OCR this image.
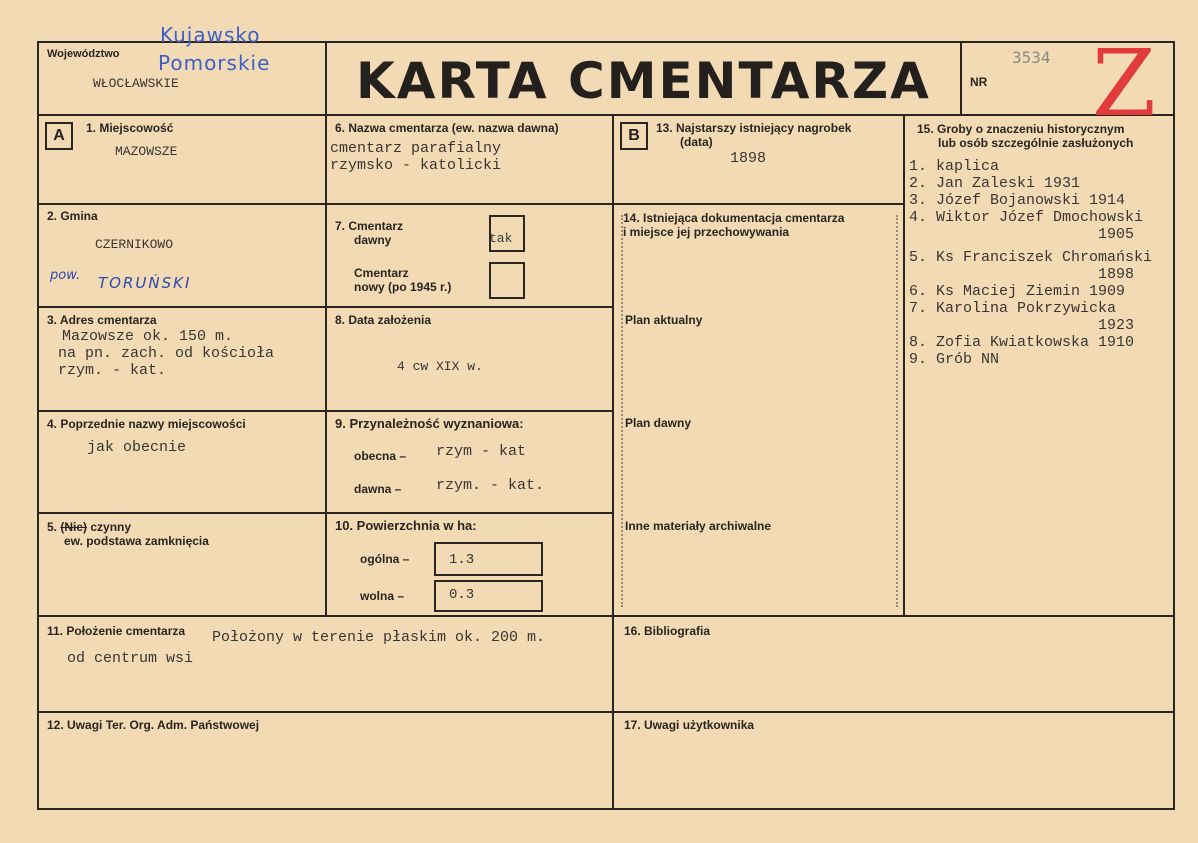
Województwo
WŁOCŁAWSKIE
Kujawsko
Pomorskie KARTA CMENTARZA	NR
3534 Z
A	B
1. Miejscowość
MAZOWSZE
2. Gmina
CZERNIKOWO
pow. TORUŃSKI
3. Adres cmentarza
Mazowsze ok. 150 m.
na pn. zach. od kościoła
rzym. - kat.
4. Poprzednie nazwy miejscowości
jak obecnie
5. (Nie) czynny
ew. podstawa zamknięcia
6. Nazwa cmentarza (ew. nazwa dawna)
cmentarz parafialny
rzymsko - katolicki
7. Cmentarz
dawny	tak
Cmentarz
nowy (po 1945 r.)
8. Data założenia
4 cw XIX w.
9. Przynależność wyznaniowa:
obecna – rzym - kat
dawna – rzym. - kat.
10. Powierzchnia w ha:
ogólna –	1.3
wolna –	0.3
11. Położenie cmentarza Położony w terenie płaskim ok. 200 m.
od centrum wsi
12. Uwagi Ter. Org. Adm. Państwowej
13. Najstarszy istniejący nagrobek
(data)
1898
14. Istniejąca dokumentacja cmentarza
i miejsce jej przechowywania
Plan aktualny
Plan dawny
Inne materiały archiwalne
15. Groby o znaczeniu historycznym
lub osób szczególnie zasłużonych
1. kaplica
2. Jan Zaleski 1931
3. Józef Bojanowski 1914
4. Wiktor Józef Dmochowski
1905
5. Ks Franciszek Chromański
1898
6. Ks Maciej Ziemin 1909
7. Karolina Pokrzywicka
1923
8. Zofia Kwiatkowska 1910
9. Grób NN
16. Bibliografia
17. Uwagi użytkownika
